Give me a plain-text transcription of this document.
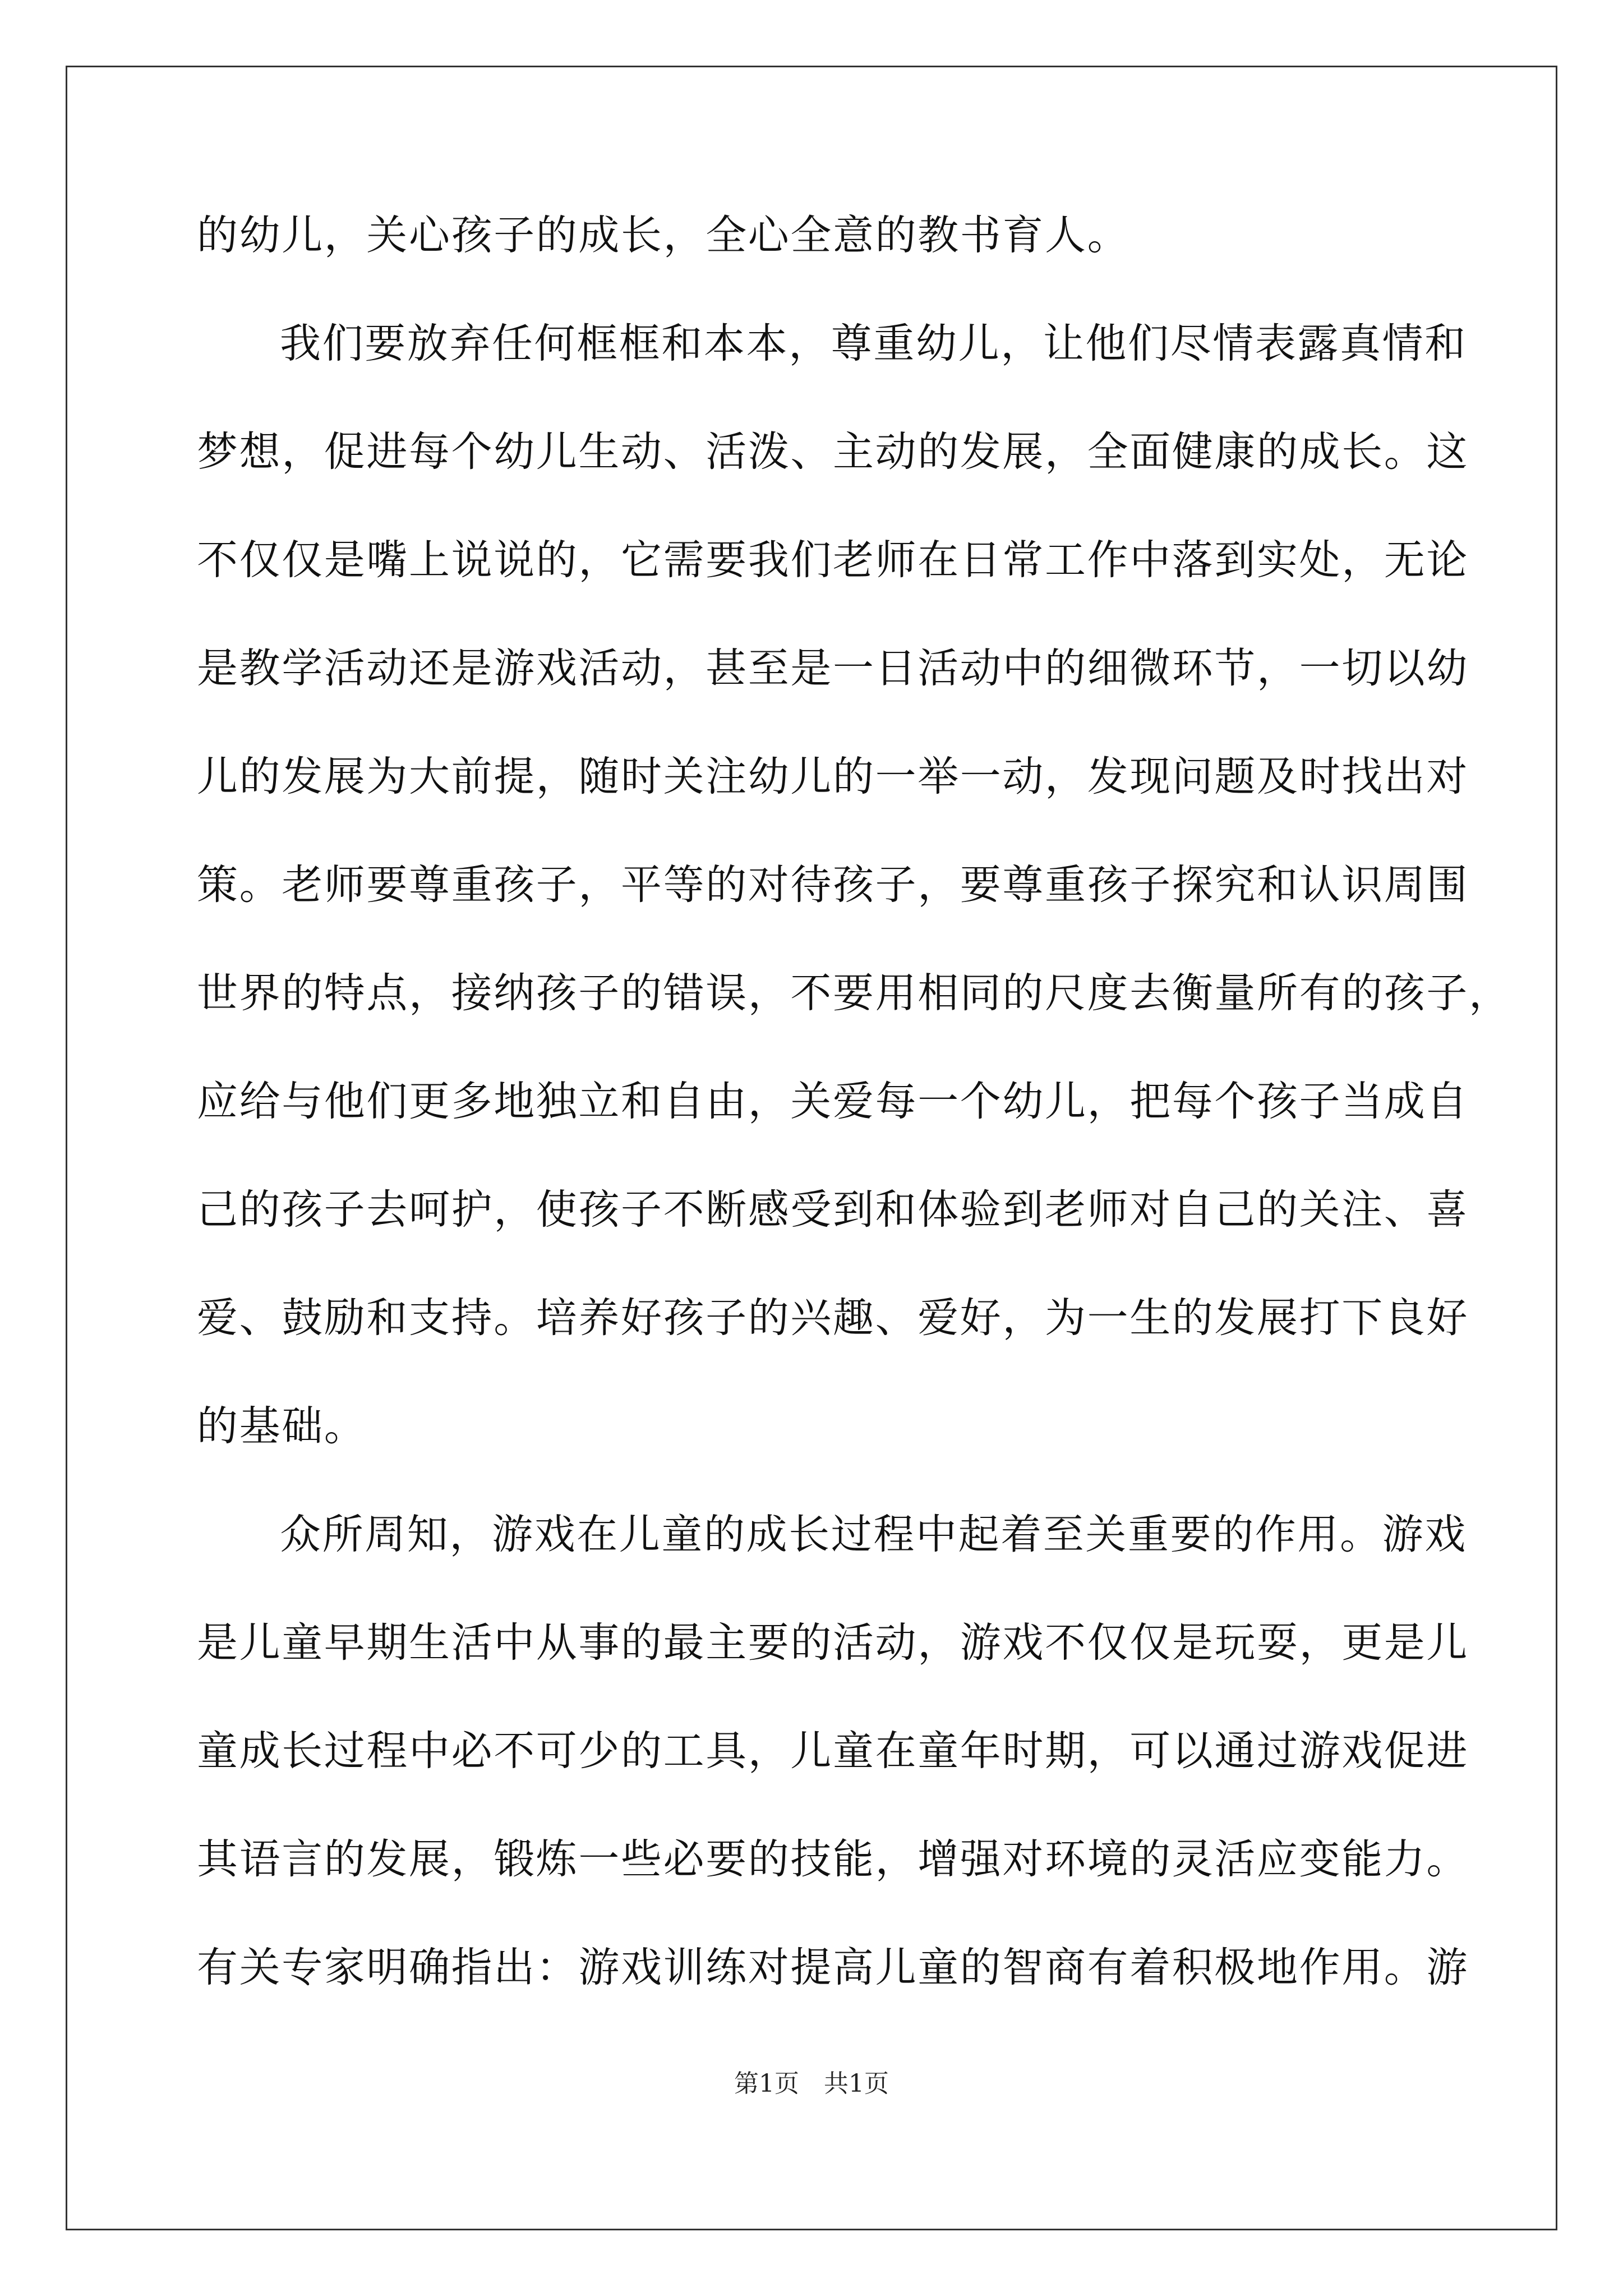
的幼儿，关心孩子的成长，全心全意的教书育人。
我们要放弃任何框框和本本，尊重幼儿，让他们尽情表露真情和
梦想，促进每个幼儿生动、活泼、主动的发展，全面健康的成长。这
不仅仅是嘴上说说的，它需要我们老师在日常工作中落到实处，无论
是教学活动还是游戏活动，甚至是一日活动中的细微环节，一切以幼
儿的发展为大前提，随时关注幼儿的一举一动，发现问题及时找出对
策。老师要尊重孩子，平等的对待孩子，要尊重孩子探究和认识周围
世界的特点，接纳孩子的错误，不要用相同的尺度去衡量所有的孩子，
应给与他们更多地独立和自由，关爱每一个幼儿，把每个孩子当成自
己的孩子去呵护，使孩子不断感受到和体验到老师对自己的关注、喜
爱、鼓励和支持。培养好孩子的兴趣、爱好，为一生的发展打下良好
的基础。
众所周知，游戏在儿童的成长过程中起着至关重要的作用。游戏
是儿童早期生活中从事的最主要的活动，游戏不仅仅是玩耍，更是儿
童成长过程中必不可少的工具，儿童在童年时期，可以通过游戏促进
其语言的发展，锻炼一些必要的技能，增强对环境的灵活应变能力。
有关专家明确指出：游戏训练对提高儿童的智商有着积极地作用。游
第1页　共1页
